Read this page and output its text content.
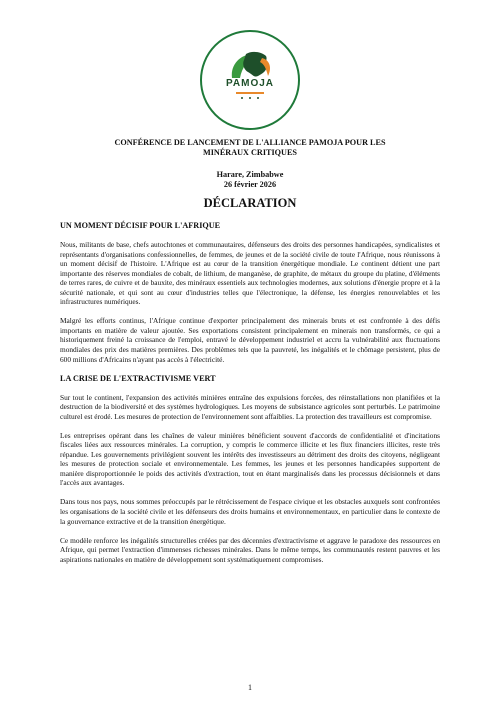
PAMOJA
CONFÉRENCE DE LANCEMENT DE L'ALLIANCE PAMOJA POUR LES MINÉRAUX CRITIQUES
Harare, Zimbabwe
26 février 2026
DÉCLARATION
UN MOMENT DÉCISIF POUR L'AFRIQUE

Nous, militants de base, chefs autochtones et communautaires, défenseurs des droits des personnes handicapées, syndicalistes et représentants d'organisations confessionnelles, de femmes, de jeunes et de la société civile de toute l'Afrique, nous réunissons à un moment décisif de l'histoire. L'Afrique est au cœur de la transition énergétique mondiale. Le continent détient une part importante des réserves mondiales de cobalt, de lithium, de manganèse, de graphite, de métaux du groupe du platine, d'éléments de terres rares, de cuivre et de bauxite, des minéraux essentiels aux technologies modernes, aux solutions d'énergie propre et à la sécurité nationale, et qui sont au cœur d'industries telles que l'électronique, la défense, les énergies renouvelables et les infrastructures numériques.

Malgré les efforts continus, l'Afrique continue d'exporter principalement des minerais bruts et est confrontée à des défis importants en matière de valeur ajoutée. Ses exportations consistent principalement en minerais non transformés, ce qui a historiquement freiné la croissance de l'emploi, entravé le développement industriel et accru la vulnérabilité aux fluctuations mondiales des prix des matières premières. Des problèmes tels que la pauvreté, les inégalités et le chômage persistent, plus de 600 millions d'Africains n'ayant pas accès à l'électricité.

LA CRISE DE L'EXTRACTIVISME VERT

Sur tout le continent, l'expansion des activités minières entraîne des expulsions forcées, des réinstallations non planifiées et la destruction de la biodiversité et des systèmes hydrologiques. Les moyens de subsistance agricoles sont perturbés. Le patrimoine culturel est érodé. Les mesures de protection de l'environnement sont affaiblies. La protection des travailleurs est compromise.

Les entreprises opérant dans les chaînes de valeur minières bénéficient souvent d'accords de confidentialité et d'incitations fiscales liées aux ressources minérales. La corruption, y compris le commerce illicite et les flux financiers illicites, reste très répandue. Les gouvernements privilégient souvent les intérêts des investisseurs au détriment des droits des citoyens, négligeant les mesures de protection sociale et environnementale. Les femmes, les jeunes et les personnes handicapées supportent de manière disproportionnée le poids des activités d'extraction, tout en étant marginalisés dans les processus décisionnels et dans l'accès aux avantages.

Dans tous nos pays, nous sommes préoccupés par le rétrécissement de l'espace civique et les obstacles auxquels sont confrontées les organisations de la société civile et les défenseurs des droits humains et environnementaux, en particulier dans le contexte de la gouvernance extractive et de la transition énergétique.

Ce modèle renforce les inégalités structurelles créées par des décennies d'extractivisme et aggrave le paradoxe des ressources en Afrique, qui permet l'extraction d'immenses richesses minérales. Dans le même temps, les communautés restent pauvres et les aspirations nationales en matière de développement sont systématiquement compromises.

1
